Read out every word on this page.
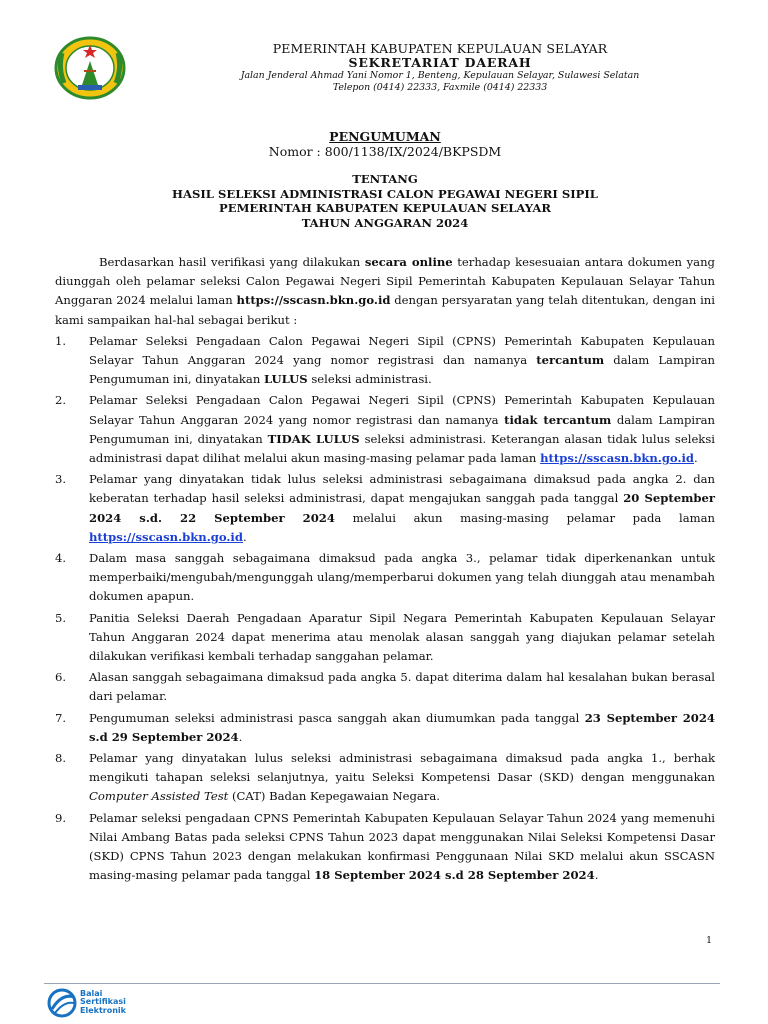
PEMERINTAH KABUPATEN KEPULAUAN SELAYAR
SEKRETARIAT DAERAH
Jalan Jenderal Ahmad Yani Nomor 1, Benteng, Kepulauan Selayar, Sulawesi Selatan
Telepon (0414) 22333, Faxmile (0414) 22333
PENGUMUMAN
Nomor : 800/1138/IX/2024/BKPSDM
TENTANG
HASIL SELEKSI ADMINISTRASI CALON PEGAWAI NEGERI SIPIL
PEMERINTAH KABUPATEN KEPULAUAN SELAYAR
TAHUN ANGGARAN 2024

Berdasarkan hasil verifikasi yang dilakukan secara online terhadap kesesuaian antara dokumen yang diunggah oleh pelamar seleksi Calon Pegawai Negeri Sipil Pemerintah Kabupaten Kepulauan Selayar Tahun Anggaran 2024 melalui laman https://sscasn.bkn.go.id dengan persyaratan yang telah ditentukan, dengan ini kami sampaikan hal-hal sebagai berikut :

1.	Pelamar Seleksi Pengadaan Calon Pegawai Negeri Sipil (CPNS) Pemerintah Kabupaten Kepulauan Selayar Tahun Anggaran 2024 yang nomor registrasi dan namanya tercantum dalam Lampiran Pengumuman ini, dinyatakan LULUS seleksi administrasi.
2.	Pelamar Seleksi Pengadaan Calon Pegawai Negeri Sipil (CPNS) Pemerintah Kabupaten Kepulauan Selayar Tahun Anggaran 2024 yang nomor registrasi dan namanya tidak tercantum dalam Lampiran Pengumuman ini, dinyatakan TIDAK LULUS seleksi administrasi. Keterangan alasan tidak lulus seleksi administrasi dapat dilihat melalui akun masing-masing pelamar pada laman https://sscasn.bkn.go.id.
3.	Pelamar yang dinyatakan tidak lulus seleksi administrasi sebagaimana dimaksud pada angka 2. dan keberatan terhadap hasil seleksi administrasi, dapat mengajukan sanggah pada tanggal 20 September 2024 s.d. 22 September 2024 melalui akun masing-masing pelamar pada laman https://sscasn.bkn.go.id.
4.	Dalam masa sanggah sebagaimana dimaksud pada angka 3., pelamar tidak diperkenankan untuk memperbaiki/mengubah/mengunggah ulang/memperbarui dokumen yang telah diunggah atau menambah dokumen apapun.
5.	Panitia Seleksi Daerah Pengadaan Aparatur Sipil Negara Pemerintah Kabupaten Kepulauan Selayar Tahun Anggaran 2024 dapat menerima atau menolak alasan sanggah yang diajukan pelamar setelah dilakukan verifikasi kembali terhadap sanggahan pelamar.
6.	Alasan sanggah sebagaimana dimaksud pada angka 5. dapat diterima dalam hal kesalahan bukan berasal dari pelamar.
7.	Pengumuman seleksi administrasi pasca sanggah akan diumumkan pada tanggal 23 September 2024 s.d 29 September 2024.
8.	Pelamar yang dinyatakan lulus seleksi administrasi sebagaimana dimaksud pada angka 1., berhak mengikuti tahapan seleksi selanjutnya, yaitu Seleksi Kompetensi Dasar (SKD) dengan menggunakan Computer Assisted Test (CAT) Badan Kepegawaian Negara.
9.	Pelamar seleksi pengadaan CPNS Pemerintah Kabupaten Kepulauan Selayar Tahun 2024 yang memenuhi Nilai Ambang Batas pada seleksi CPNS Tahun 2023 dapat menggunakan Nilai Seleksi Kompetensi Dasar (SKD) CPNS Tahun 2023 dengan melakukan konfirmasi Penggunaan Nilai SKD melalui akun SSCASN masing-masing pelamar pada tanggal 18 September 2024 s.d 28 September 2024.
1
Balai
Sertifikasi
Elektronik
